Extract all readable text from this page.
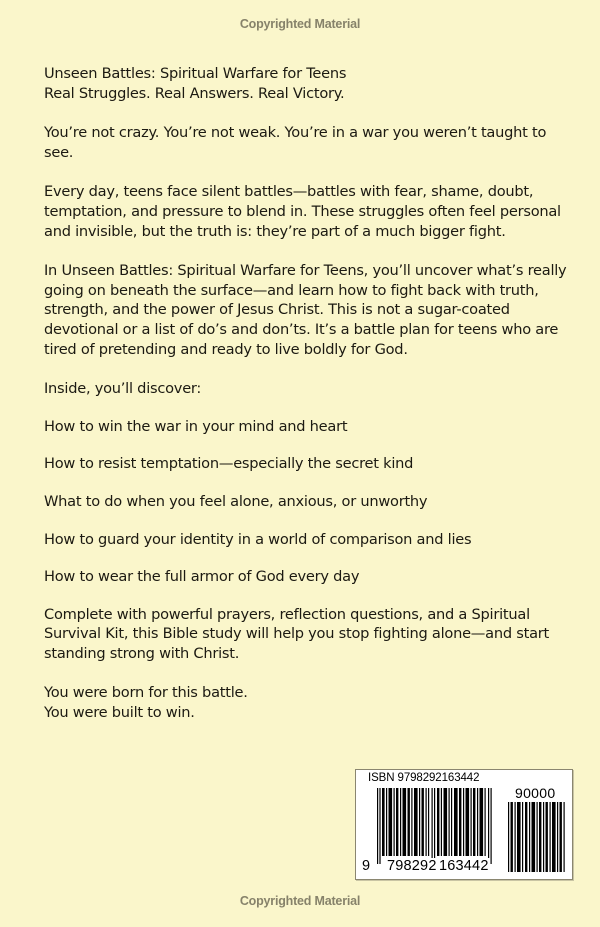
Copyrighted Material

Unseen Battles: Spiritual Warfare for Teens
Real Struggles. Real Answers. Real Victory.

You’re not crazy. You’re not weak. You’re in a war you weren’t taught to see.

Every day, teens face silent battles—battles with fear, shame, doubt, temptation, and pressure to blend in. These struggles often feel personal and invisible, but the truth is: they’re part of a much bigger fight.

In Unseen Battles: Spiritual Warfare for Teens, you’ll uncover what’s really going on beneath the surface—and learn how to fight back with truth, strength, and the power of Jesus Christ. This is not a sugar-coated devotional or a list of do’s and don’ts. It’s a battle plan for teens who are tired of pretending and ready to live boldly for God.

Inside, you’ll discover:

How to win the war in your mind and heart

How to resist temptation—especially the secret kind

What to do when you feel alone, anxious, or unworthy

How to guard your identity in a world of comparison and lies

How to wear the full armor of God every day

Complete with powerful prayers, reflection questions, and a Spiritual Survival Kit, this Bible study will help you stop fighting alone—and start standing strong with Christ.

You were born for this battle.
You were built to win.

ISBN 9798292163442
90000
9 798292 163442
Copyrighted Material
